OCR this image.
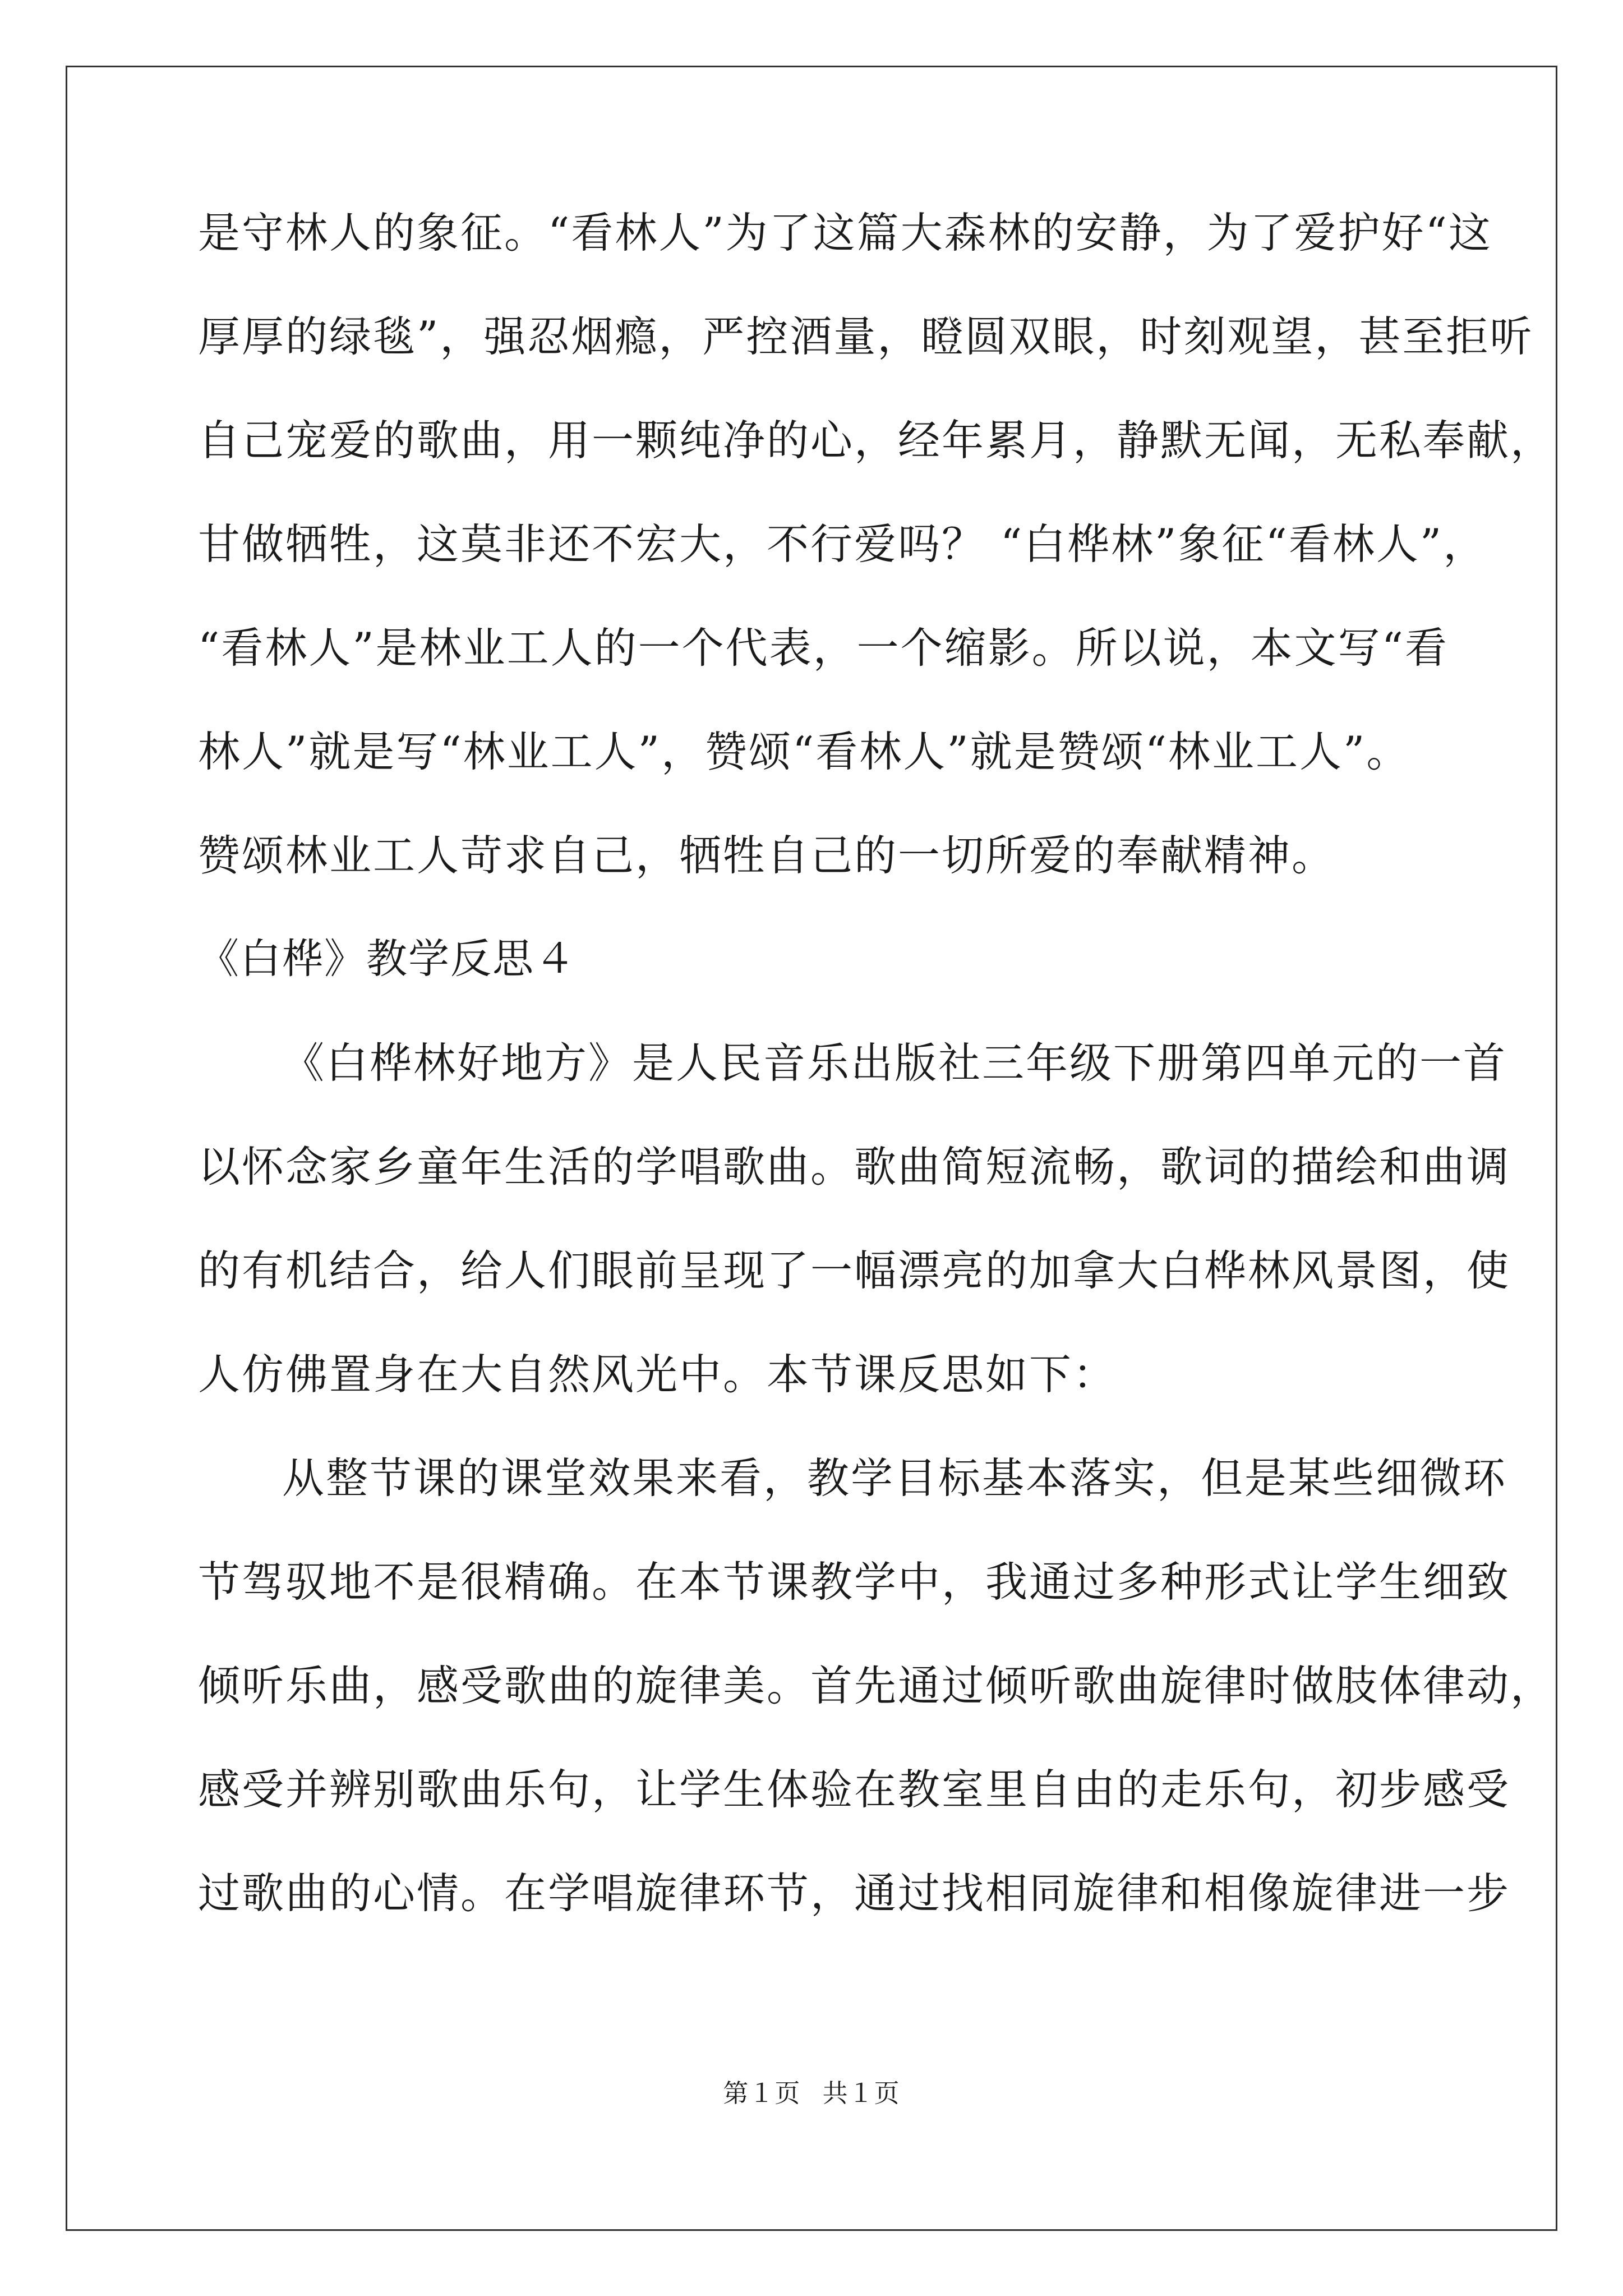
是守林人的象征。“看林人”为了这篇大森林的安静，为了爱护好“这
厚厚的绿毯”，强忍烟瘾，严控酒量，瞪圆双眼，时刻观望，甚至拒听
自己宠爱的歌曲，用一颗纯净的心，经年累月，静默无闻，无私奉献，
甘做牺牲，这莫非还不宏大，不行爱吗？ “白桦林”象征“看林人”，
“看林人”是林业工人的一个代表，一个缩影。所以说，本文写“看
林人”就是写“林业工人”，赞颂“看林人”就是赞颂“林业工人”。
赞颂林业工人苛求自己，牺牲自己的一切所爱的奉献精神。
《白桦》教学反思４
《白桦林好地方》是人民音乐出版社三年级下册第四单元的一首
以怀念家乡童年生活的学唱歌曲。歌曲简短流畅，歌词的描绘和曲调
的有机结合，给人们眼前呈现了一幅漂亮的加拿大白桦林风景图，使
人仿佛置身在大自然风光中。本节课反思如下：
从整节课的课堂效果来看，教学目标基本落实，但是某些细微环
节驾驭地不是很精确。在本节课教学中，我通过多种形式让学生细致
倾听乐曲，感受歌曲的旋律美。首先通过倾听歌曲旋律时做肢体律动，
感受并辨别歌曲乐句，让学生体验在教室里自由的走乐句，初步感受
过歌曲的心情。在学唱旋律环节，通过找相同旋律和相像旋律进一步
第１页 共１页
